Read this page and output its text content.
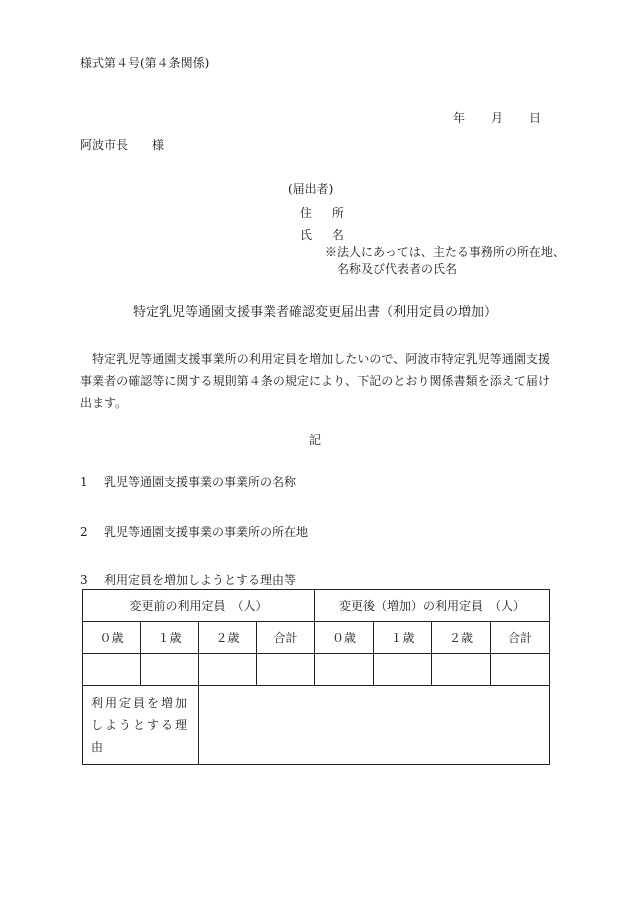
様式第４号(第４条関係)
年 月 日
阿波市長　　様
(届出者)
住 所
氏 名
※法人にあっては、主たる事務所の所在地、
名称及び代表者の氏名
特定乳児等通園支援事業者確認変更届出書（利用定員の増加）
特定乳児等通園支援事業所の利用定員を増加したいので、阿波市特定乳児等通園支援事業者の確認等に関する規則第４条の規定により、下記のとおり関係書類を添えて届け出ます。
記
1 乳児等通園支援事業の事業所の名称
2 乳児等通園支援事業の事業所の所在地
3 利用定員を増加しようとする理由等
変更前の利用定員　（人）				変更後（増加）の利用定員　（人）			
０歳	１歳	２歳	合計	０歳	１歳	２歳	合計

利用定員を増加しようとする理由							
